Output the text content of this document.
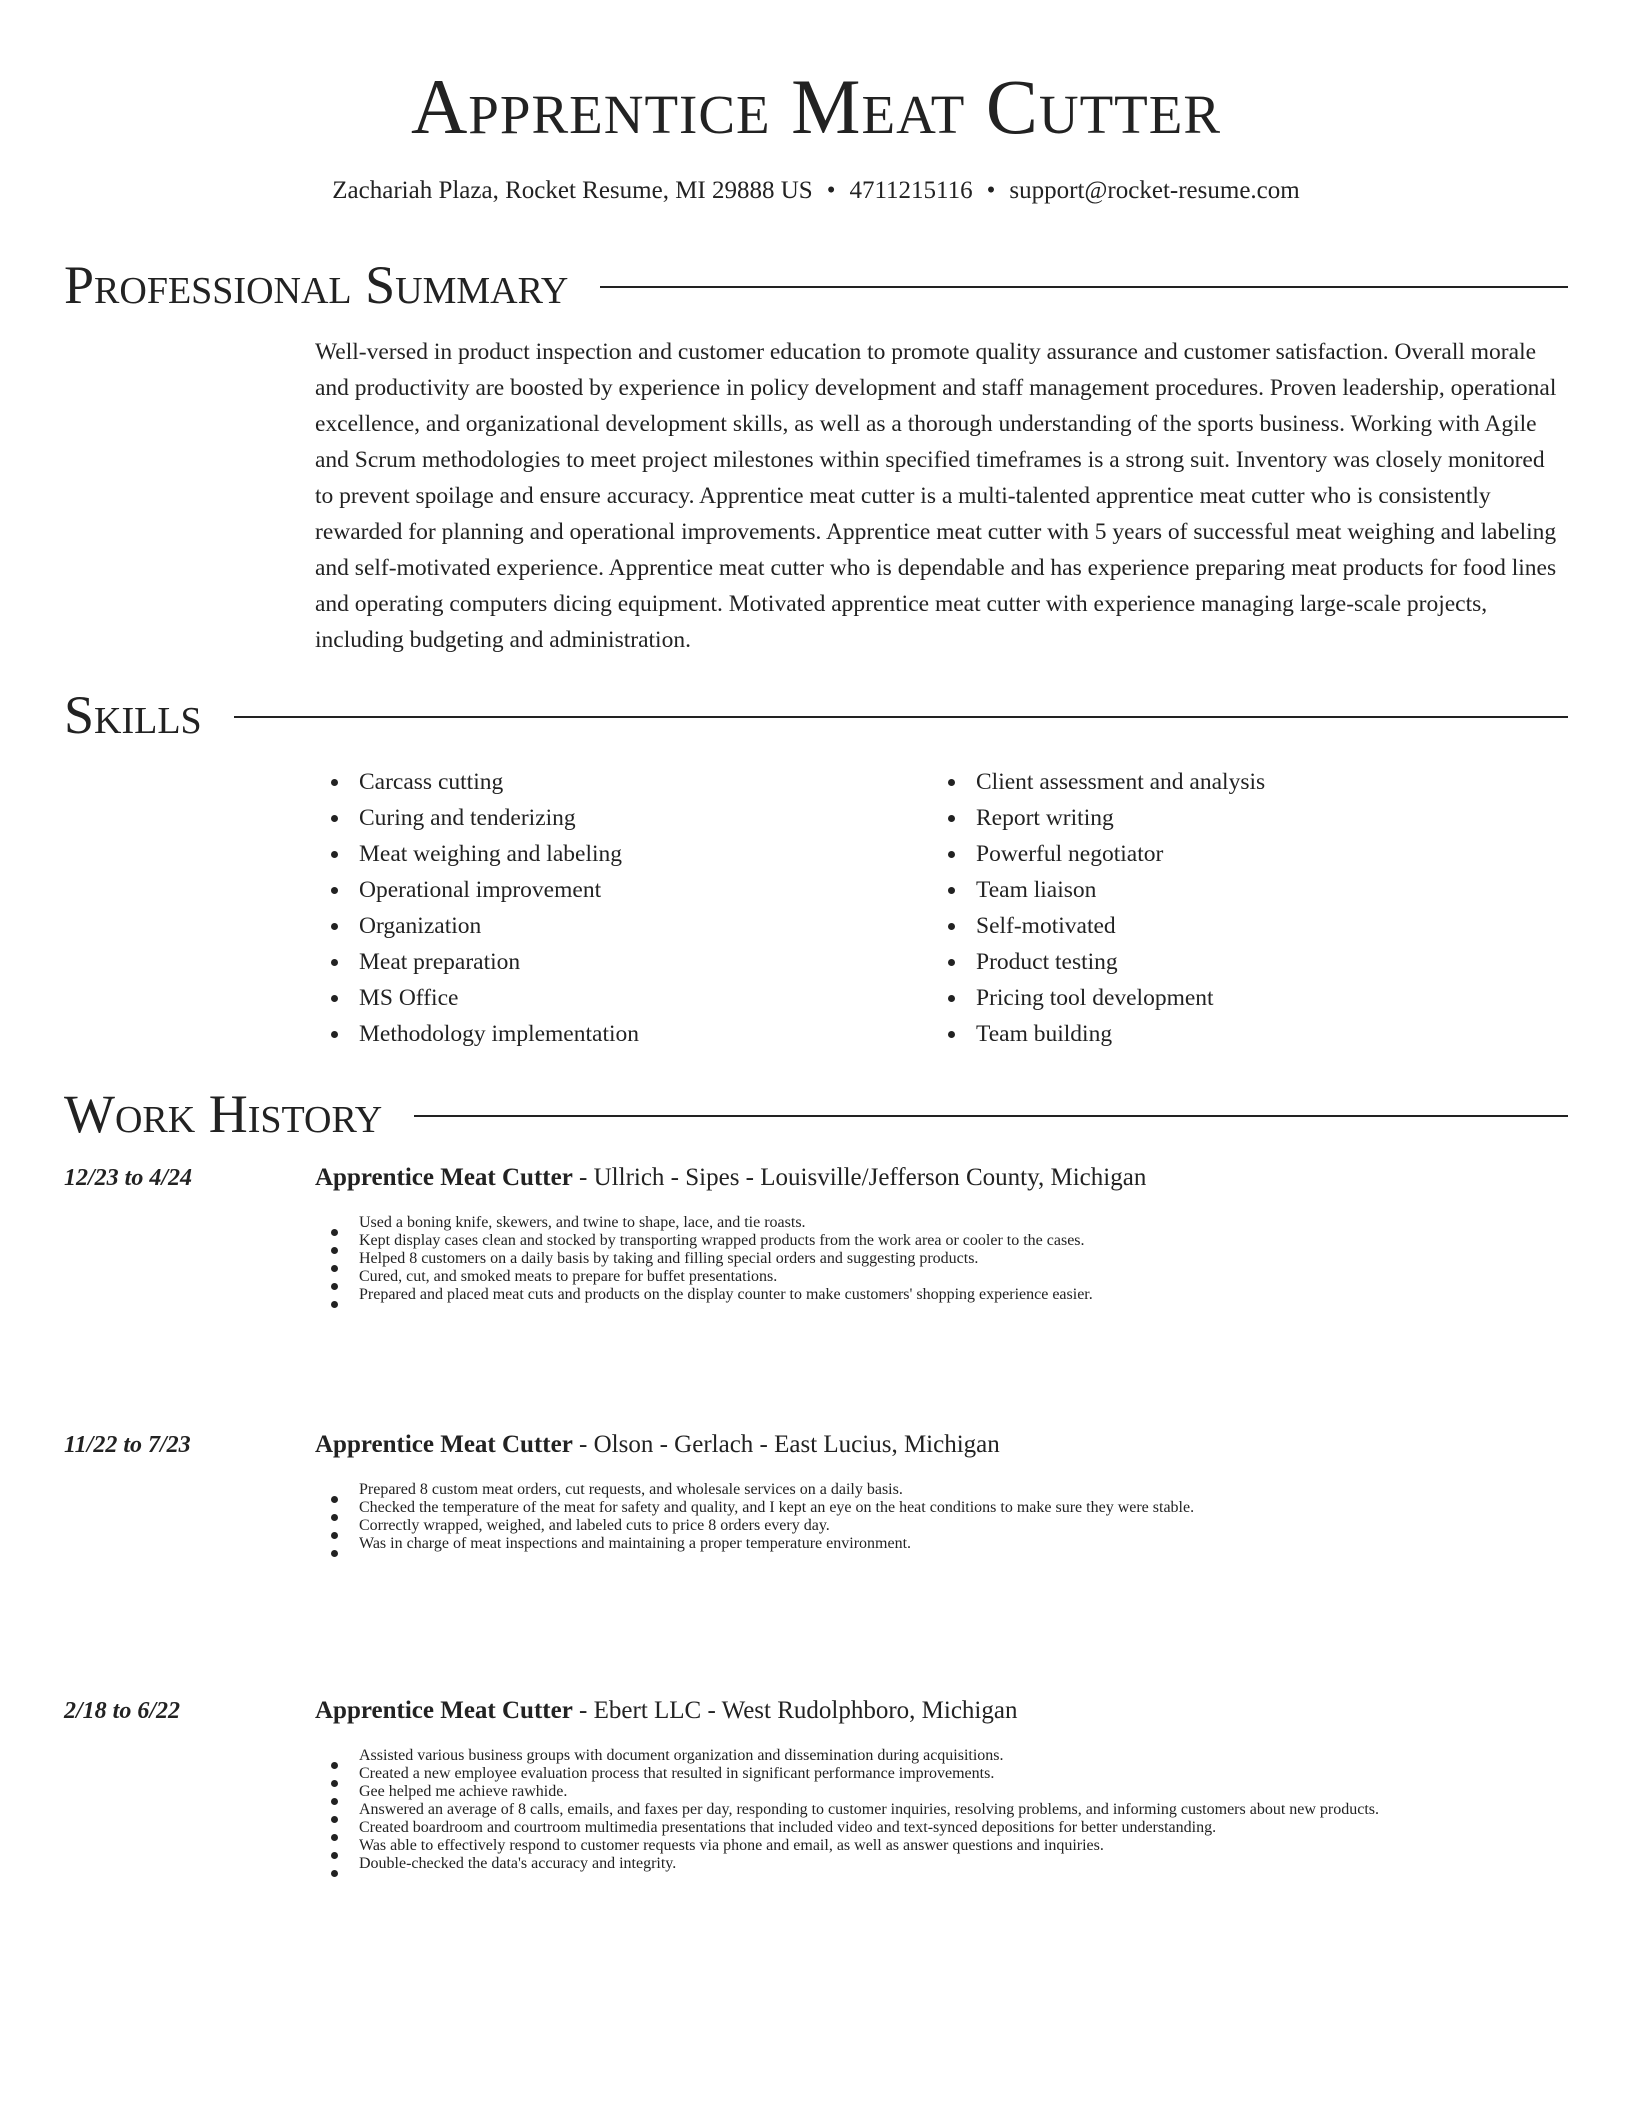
Apprentice Meat Cutter
Zachariah Plaza, Rocket Resume, MI 29888 US • 4711215116 • support@rocket-resume.com
Professional Summary

Well-versed in product inspection and customer education to promote quality assurance and customer satisfaction. Overall morale and productivity are boosted by experience in policy development and staff management procedures. Proven leadership, operational excellence, and organizational development skills, as well as a thorough understanding of the sports business. Working with Agile and Scrum methodologies to meet project milestones within specified timeframes is a strong suit. Inventory was closely monitored to prevent spoilage and ensure accuracy. Apprentice meat cutter is a multi-talented apprentice meat cutter who is consistently rewarded for planning and operational improvements. Apprentice meat cutter with 5 years of successful meat weighing and labeling and self-motivated experience. Apprentice meat cutter who is dependable and has experience preparing meat products for food lines and operating computers dicing equipment. Motivated apprentice meat cutter with experience managing large-scale projects, including budgeting and administration.

Skills
Carcass cutting
Curing and tenderizing
Meat weighing and labeling
Operational improvement
Organization
Meat preparation
MS Office
Methodology implementation
Client assessment and analysis
Report writing
Powerful negotiator
Team liaison
Self-motivated
Product testing
Pricing tool development
Team building
Work History
12/23 to 4/24	Apprentice Meat Cutter - Ullrich - Sipes - Louisville/Jefferson County, Michigan
Used a boning knife, skewers, and twine to shape, lace, and tie roasts.
Kept display cases clean and stocked by transporting wrapped products from the work area or cooler to the cases.
Helped 8 customers on a daily basis by taking and filling special orders and suggesting products.
Cured, cut, and smoked meats to prepare for buffet presentations.
Prepared and placed meat cuts and products on the display counter to make customers' shopping experience easier.
11/22 to 7/23	Apprentice Meat Cutter - Olson - Gerlach - East Lucius, Michigan
Prepared 8 custom meat orders, cut requests, and wholesale services on a daily basis.
Checked the temperature of the meat for safety and quality, and I kept an eye on the heat conditions to make sure they were stable.
Correctly wrapped, weighed, and labeled cuts to price 8 orders every day.
Was in charge of meat inspections and maintaining a proper temperature environment.
2/18 to 6/22	Apprentice Meat Cutter - Ebert LLC - West Rudolphboro, Michigan
Assisted various business groups with document organization and dissemination during acquisitions.
Created a new employee evaluation process that resulted in significant performance improvements.
Gee helped me achieve rawhide.
Answered an average of 8 calls, emails, and faxes per day, responding to customer inquiries, resolving problems, and informing customers about new products.
Created boardroom and courtroom multimedia presentations that included video and text-synced depositions for better understanding.
Was able to effectively respond to customer requests via phone and email, as well as answer questions and inquiries.
Double-checked the data's accuracy and integrity.
